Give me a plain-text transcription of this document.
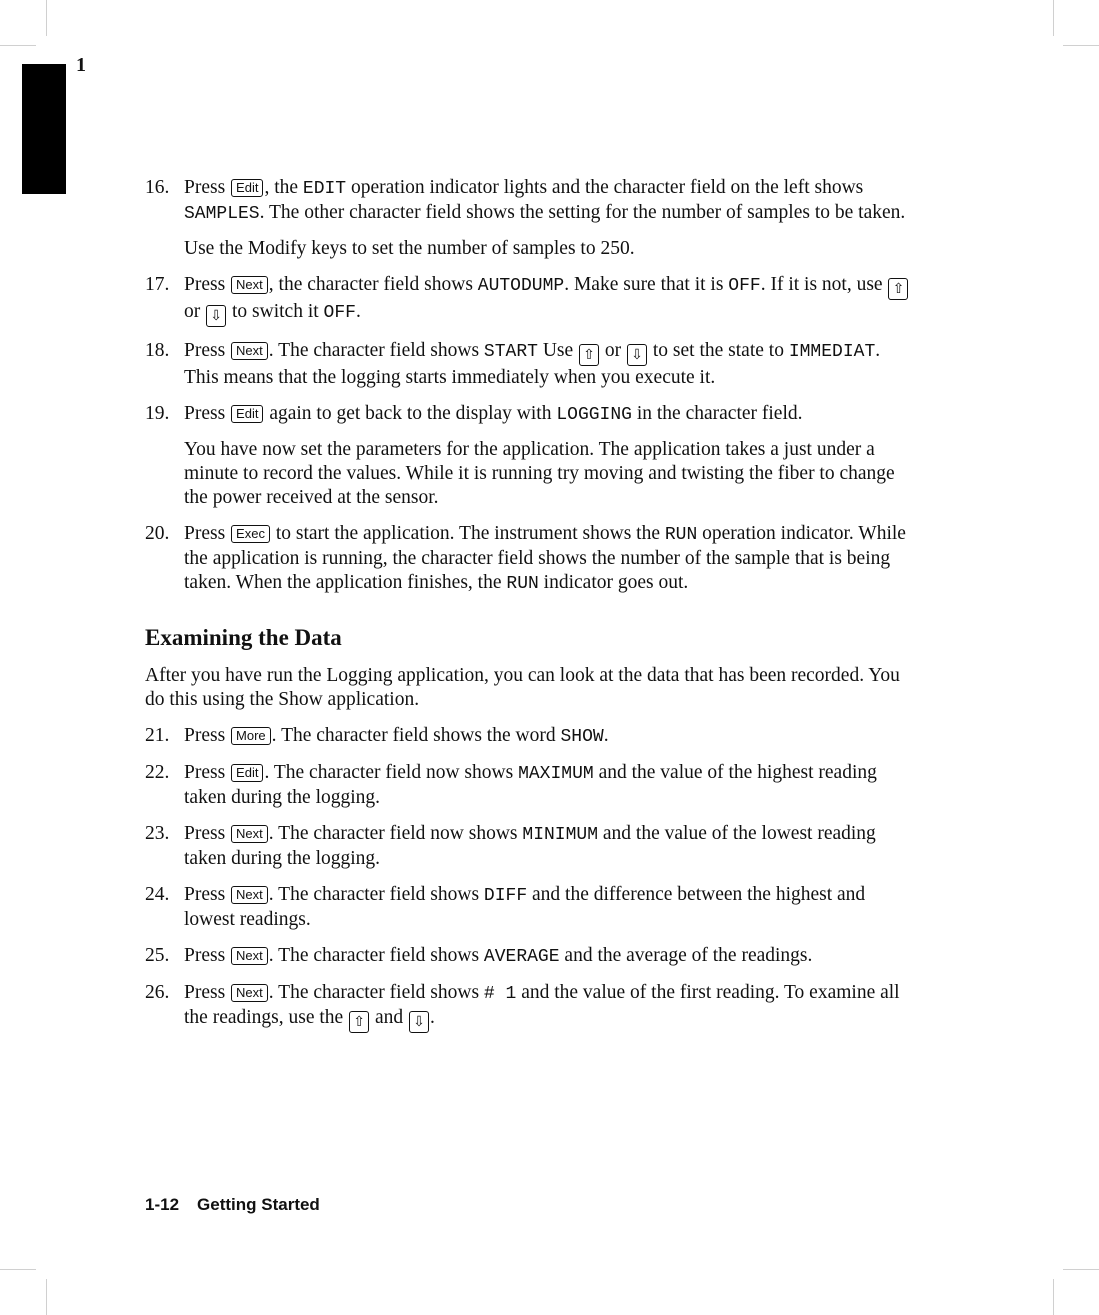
1
16. Press Edit , the EDIT operation indicator lights and the character field on the left shows SAMPLES. The other character field shows the setting for the number of samples to be taken.

Use the Modify keys to set the number of samples to 250.

17. Press Next , the character field shows AUTODUMP. Make sure that it is OFF. If it is not, use ⇧ or ⇩ to switch it OFF.

18. Press Next . The character field shows START Use ⇧ or ⇩ to set the state to IMMEDIAT. This means that the logging starts immediately when you execute it.

19. Press Edit again to get back to the display with LOGGING in the character field.

You have now set the parameters for the application. The application takes a just under a minute to record the values. While it is running try moving and twisting the fiber to change the power received at the sensor.

20. Press Exec to start the application. The instrument shows the RUN operation indicator. While the application is running, the character field shows the number of the sample that is being taken. When the application finishes, the RUN indicator goes out.

Examining the Data

After you have run the Logging application, you can look at the data that has been recorded. You do this using the Show application.

21. Press More . The character field shows the word SHOW.

22. Press Edit . The character field now shows MAXIMUM and the value of the highest reading taken during the logging.

23. Press Next . The character field now shows MINIMUM and the value of the lowest reading taken during the logging.

24. Press Next . The character field shows DIFF and the difference between the highest and lowest readings.

25. Press Next . The character field shows AVERAGE and the average of the readings.

26. Press Next . The character field shows # 1 and the value of the first reading. To examine all the readings, use the ⇧ and ⇩ .

1-12 Getting Started
